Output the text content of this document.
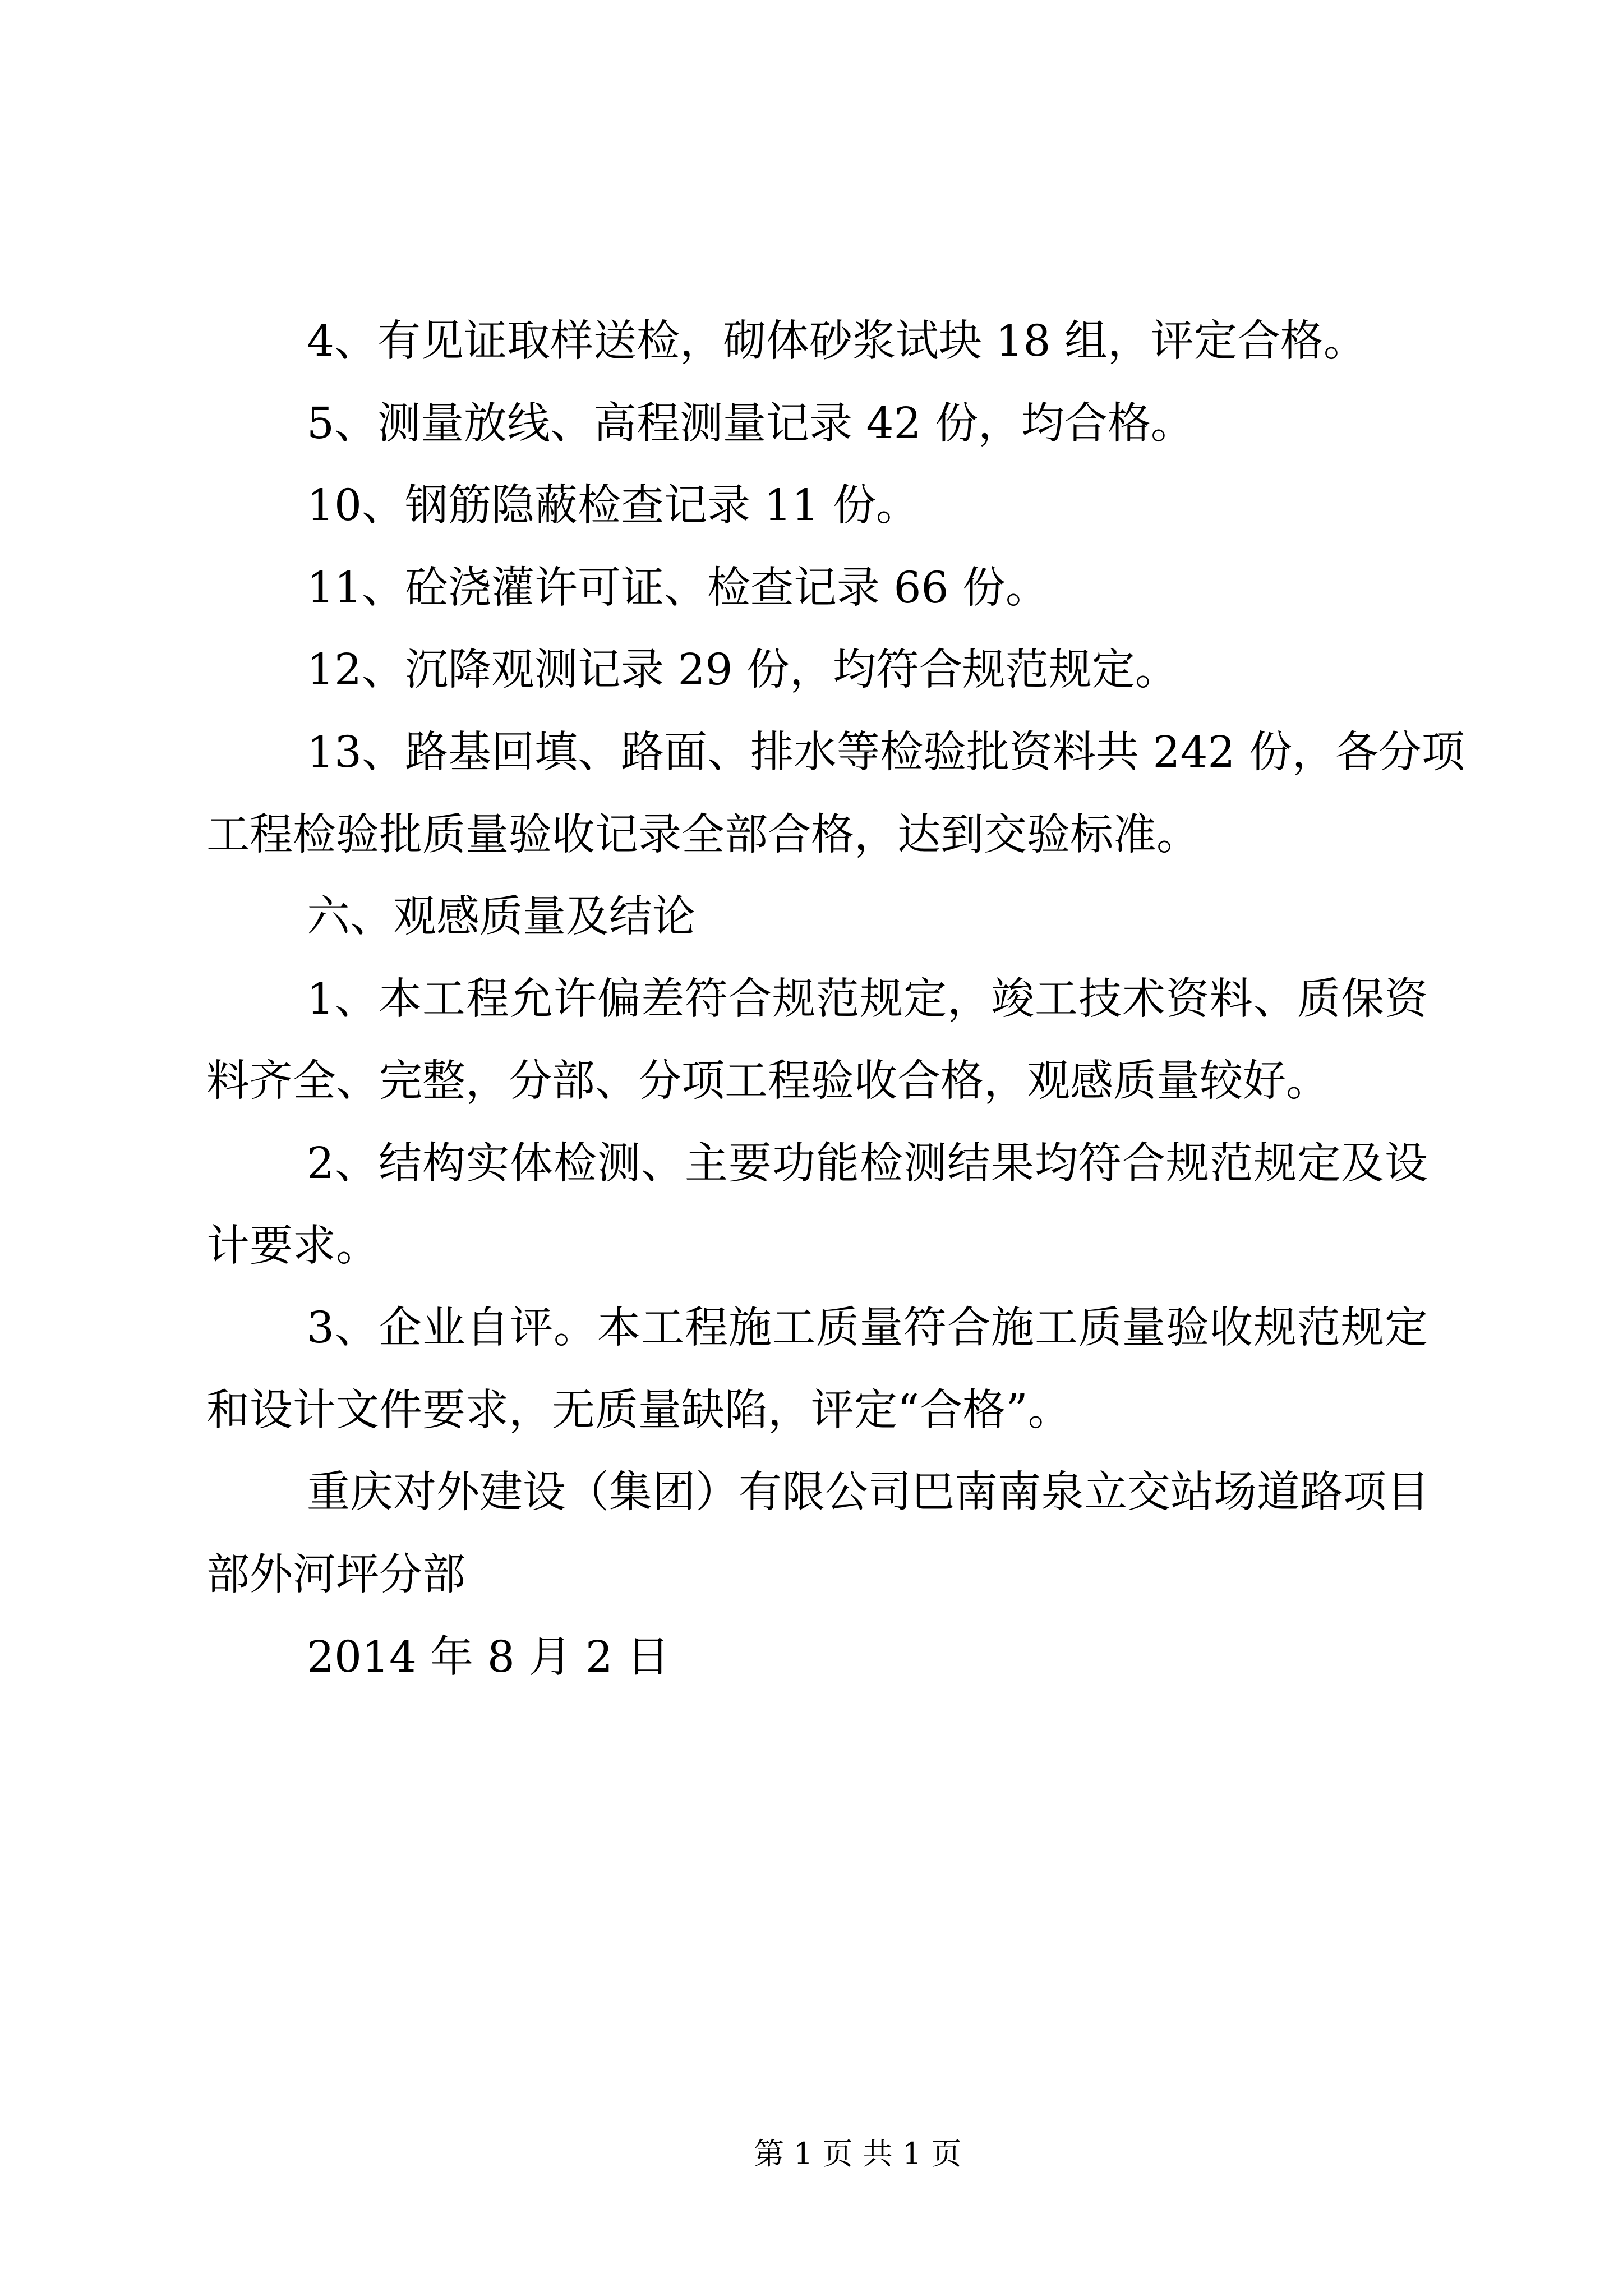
4、有见证取样送检，砌体砂浆试块 18 组，评定合格。
5、测量放线、高程测量记录 42 份，均合格。
10、钢筋隐蔽检查记录 11 份。
11、砼浇灌许可证、检查记录 66 份。
12、沉降观测记录 29 份，均符合规范规定。
13、路基回填、路面、排水等检验批资料共 242 份，各分项
工程检验批质量验收记录全部合格，达到交验标准。
六、观感质量及结论
1、本工程允许偏差符合规范规定，竣工技术资料、质保资
料齐全、完整，分部、分项工程验收合格，观感质量较好。
2、结构实体检测、主要功能检测结果均符合规范规定及设
计要求。
3、企业自评。本工程施工质量符合施工质量验收规范规定
和设计文件要求，无质量缺陷，评定“合格”。
重庆对外建设（集团）有限公司巴南南泉立交站场道路项目
部外河坪分部
2014 年 8 月 2 日
第 1 页 共 1 页
